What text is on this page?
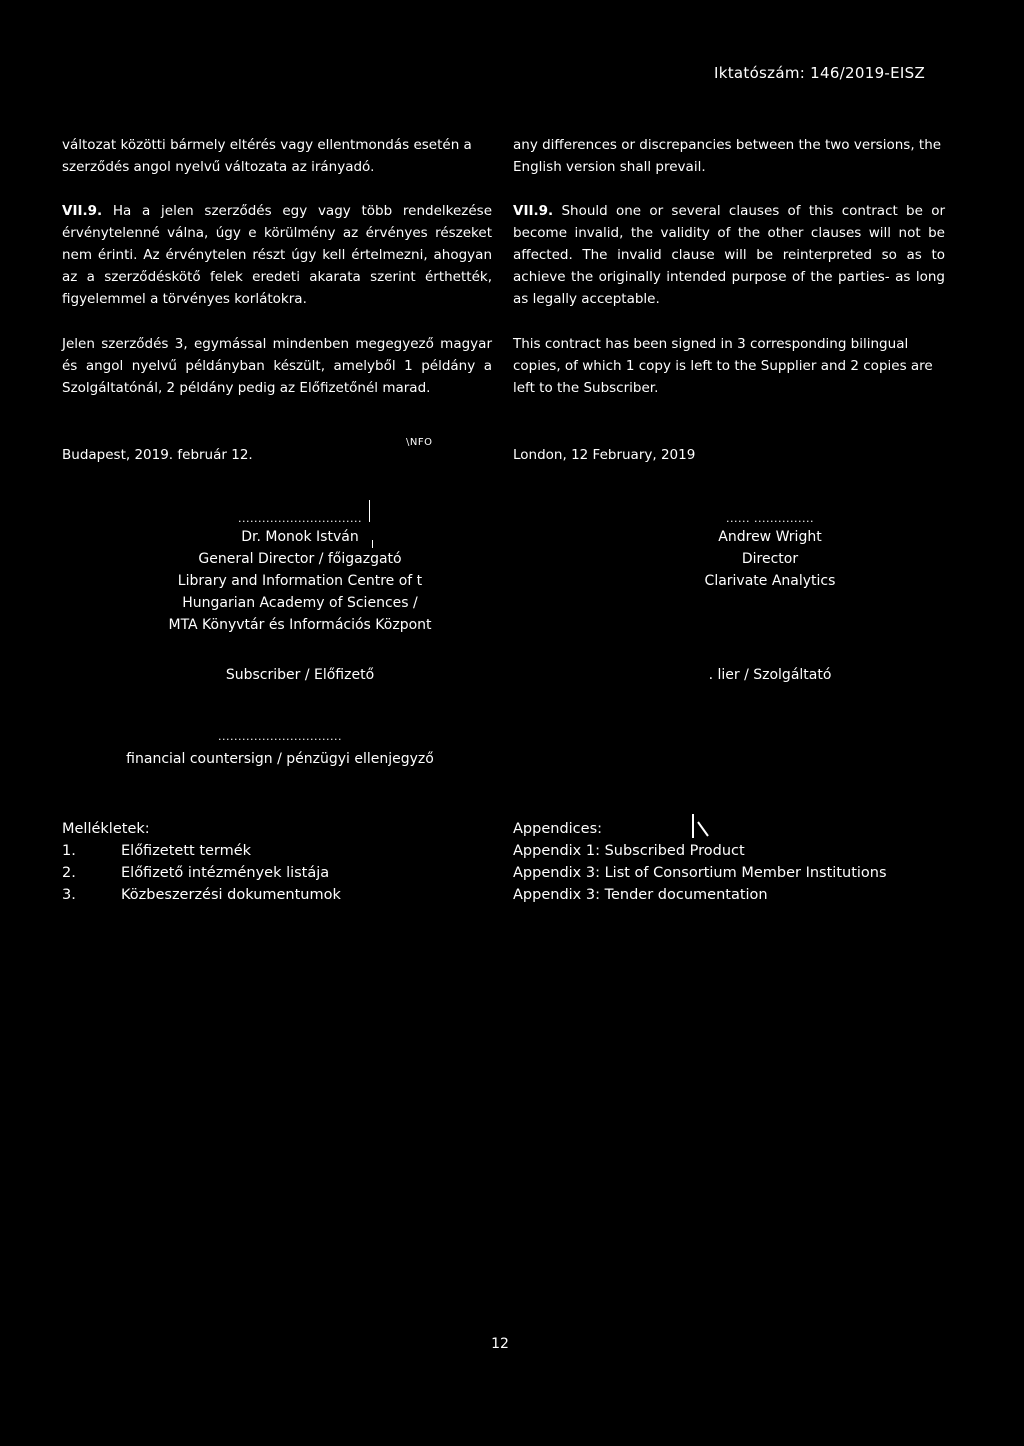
Iktatószám: 146/2019-EISZ

változat közötti bármely eltérés vagy ellentmondás esetén a szerződés angol nyelvű változata az irányadó.

VII.9. Ha a jelen szerződés egy vagy több rendelkezése érvénytelenné válna, úgy e körülmény az érvényes részeket nem érinti. Az érvénytelen részt úgy kell értelmezni, ahogyan az a szerződéskötő felek eredeti akarata szerint érthették, figyelemmel a törvényes korlátokra.

Jelen szerződés 3, egymással mindenben megegyező magyar és angol nyelvű példányban készült, amelyből 1 példány a Szolgáltatónál, 2 példány pedig az Előfizetőnél marad.

Budapest, 2019. február 12.

any differences or discrepancies between the two versions, the English version shall prevail.

VII.9. Should one or several clauses of this contract be or become invalid, the validity of the other clauses will not be affected. The invalid clause will be reinterpreted so as to achieve the originally intended purpose of the parties- as long as legally acceptable.

This contract has been signed in 3 corresponding bilingual copies, of which 1 copy is left to the Supplier and 2 copies are left to the Subscriber.

London, 12 February, 2019
\NFO
...............................
Dr. Monok István
General Director / főigazgató
Library and Information Centre of t
Hungarian Academy of Sciences /
MTA Könyvtár és Információs Központ
Subscriber / Előfizető
...... ...............
Andrew Wright
Director
Clarivate Analytics
. lier / Szolgáltató
...............................
financial countersign / pénzügyi ellenjegyző
Mellékletek:
1.	Előfizetett termék
2.	Előfizető intézmények listája
3.	Közbeszerzési dokumentumok
Appendices:
Appendix 1: Subscribed Product
Appendix 3: List of Consortium Member Institutions
Appendix 3: Tender documentation
12
